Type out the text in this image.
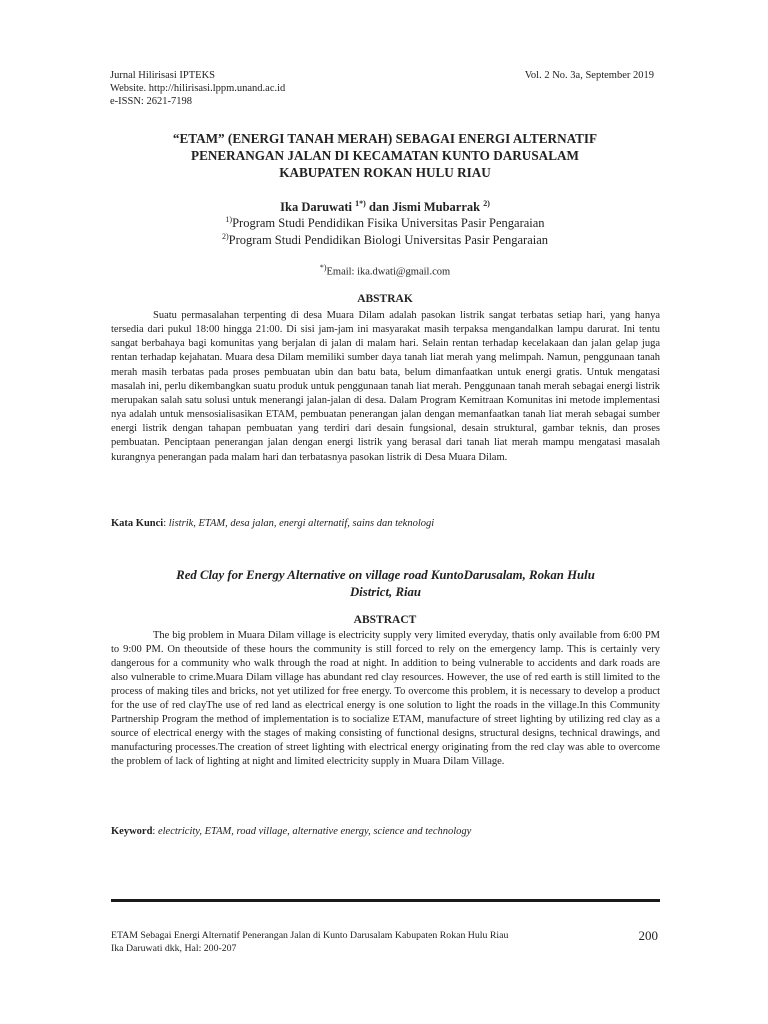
Jurnal Hilirisasi IPTEKS
Website. http://hilirisasi.lppm.unand.ac.id
e-ISSN: 2621-7198
Vol. 2 No. 3a, September 2019
“ETAM” (ENERGI TANAH MERAH) SEBAGAI ENERGI ALTERNATIF
PENERANGAN JALAN DI KECAMATAN KUNTO DARUSALAM
KABUPATEN ROKAN HULU RIAU
Ika Daruwati $^{1*)}$ dan Jismi Mubarrak $^{2)}$
$^{1)}$Program Studi Pendidikan Fisika Universitas Pasir Pengaraian
$^{2)}$Program Studi Pendidikan Biologi Universitas Pasir Pengaraian
*)Email: ika.dwati@gmail.com
ABSTRAK
Suatu permasalahan terpenting di desa Muara Dilam adalah pasokan listrik sangat terbatas setiap hari, yang hanya tersedia dari pukul 18:00 hingga 21:00. Di sisi jam-jam ini masyarakat masih terpaksa mengandalkan lampu darurat. Ini tentu sangat berbahaya bagi komunitas yang berjalan di jalan di malam hari. Selain rentan terhadap kecelakaan dan jalan gelap juga rentan terhadap kejahatan. Muara desa Dilam memiliki sumber daya tanah liat merah yang melimpah. Namun, penggunaan tanah merah masih terbatas pada proses pembuatan ubin dan batu bata, belum dimanfaatkan untuk energi gratis. Untuk mengatasi masalah ini, perlu dikembangkan suatu produk untuk penggunaan tanah liat merah. Penggunaan tanah merah sebagai energi listrik merupakan salah satu solusi untuk menerangi jalan-jalan di desa. Dalam Program Kemitraan Komunitas ini metode implementasi nya adalah untuk mensosialisasikan ETAM, pembuatan penerangan jalan dengan memanfaatkan tanah liat merah sebagai sumber energi listrik dengan tahapan pembuatan yang terdiri dari desain fungsional, desain struktural, gambar teknis, dan proses pembuatan. Penciptaan penerangan jalan dengan energi listrik yang berasal dari tanah liat merah mampu mengatasi masalah kurangnya penerangan pada malam hari dan terbatasnya pasokan listrik di Desa Muara Dilam.
Kata Kunci: listrik, ETAM, desa jalan, energi alternatif, sains dan teknologi
Red Clay for Energy Alternative on village road KuntoDarusalam, Rokan Hulu
District, Riau
ABSTRACT
The big problem in Muara Dilam village is electricity supply very limited everyday, thatis only available from 6:00 PM to 9:00 PM. On theoutside of these hours the community is still forced to rely on the emergency lamp. This is certainly very dangerous for a community who walk through the road at night. In addition to being vulnerable to accidents and dark roads are also vulnerable to crime.Muara Dilam village has abundant red clay resources. However, the use of red earth is still limited to the process of making tiles and bricks, not yet utilized for free energy. To overcome this problem, it is necessary to develop a product for the use of red clayThe use of red land as electrical energy is one solution to light the roads in the village.In this Community Partnership Program the method of implementation is to socialize ETAM, manufacture of street lighting by utilizing red clay as a source of electrical energy with the stages of making consisting of functional designs, structural designs, technical drawings, and manufacturing processes.The creation of street lighting with electrical energy originating from the red clay was able to overcome the problem of lack of lighting at night and limited electricity supply in Muara Dilam Village.
Keyword: electricity, ETAM, road village, alternative energy, science and technology
ETAM Sebagai Energi Alternatif Penerangan Jalan di Kunto Darusalam Kabupaten Rokan Hulu Riau
Ika Daruwati dkk, Hal: 200-207
200
